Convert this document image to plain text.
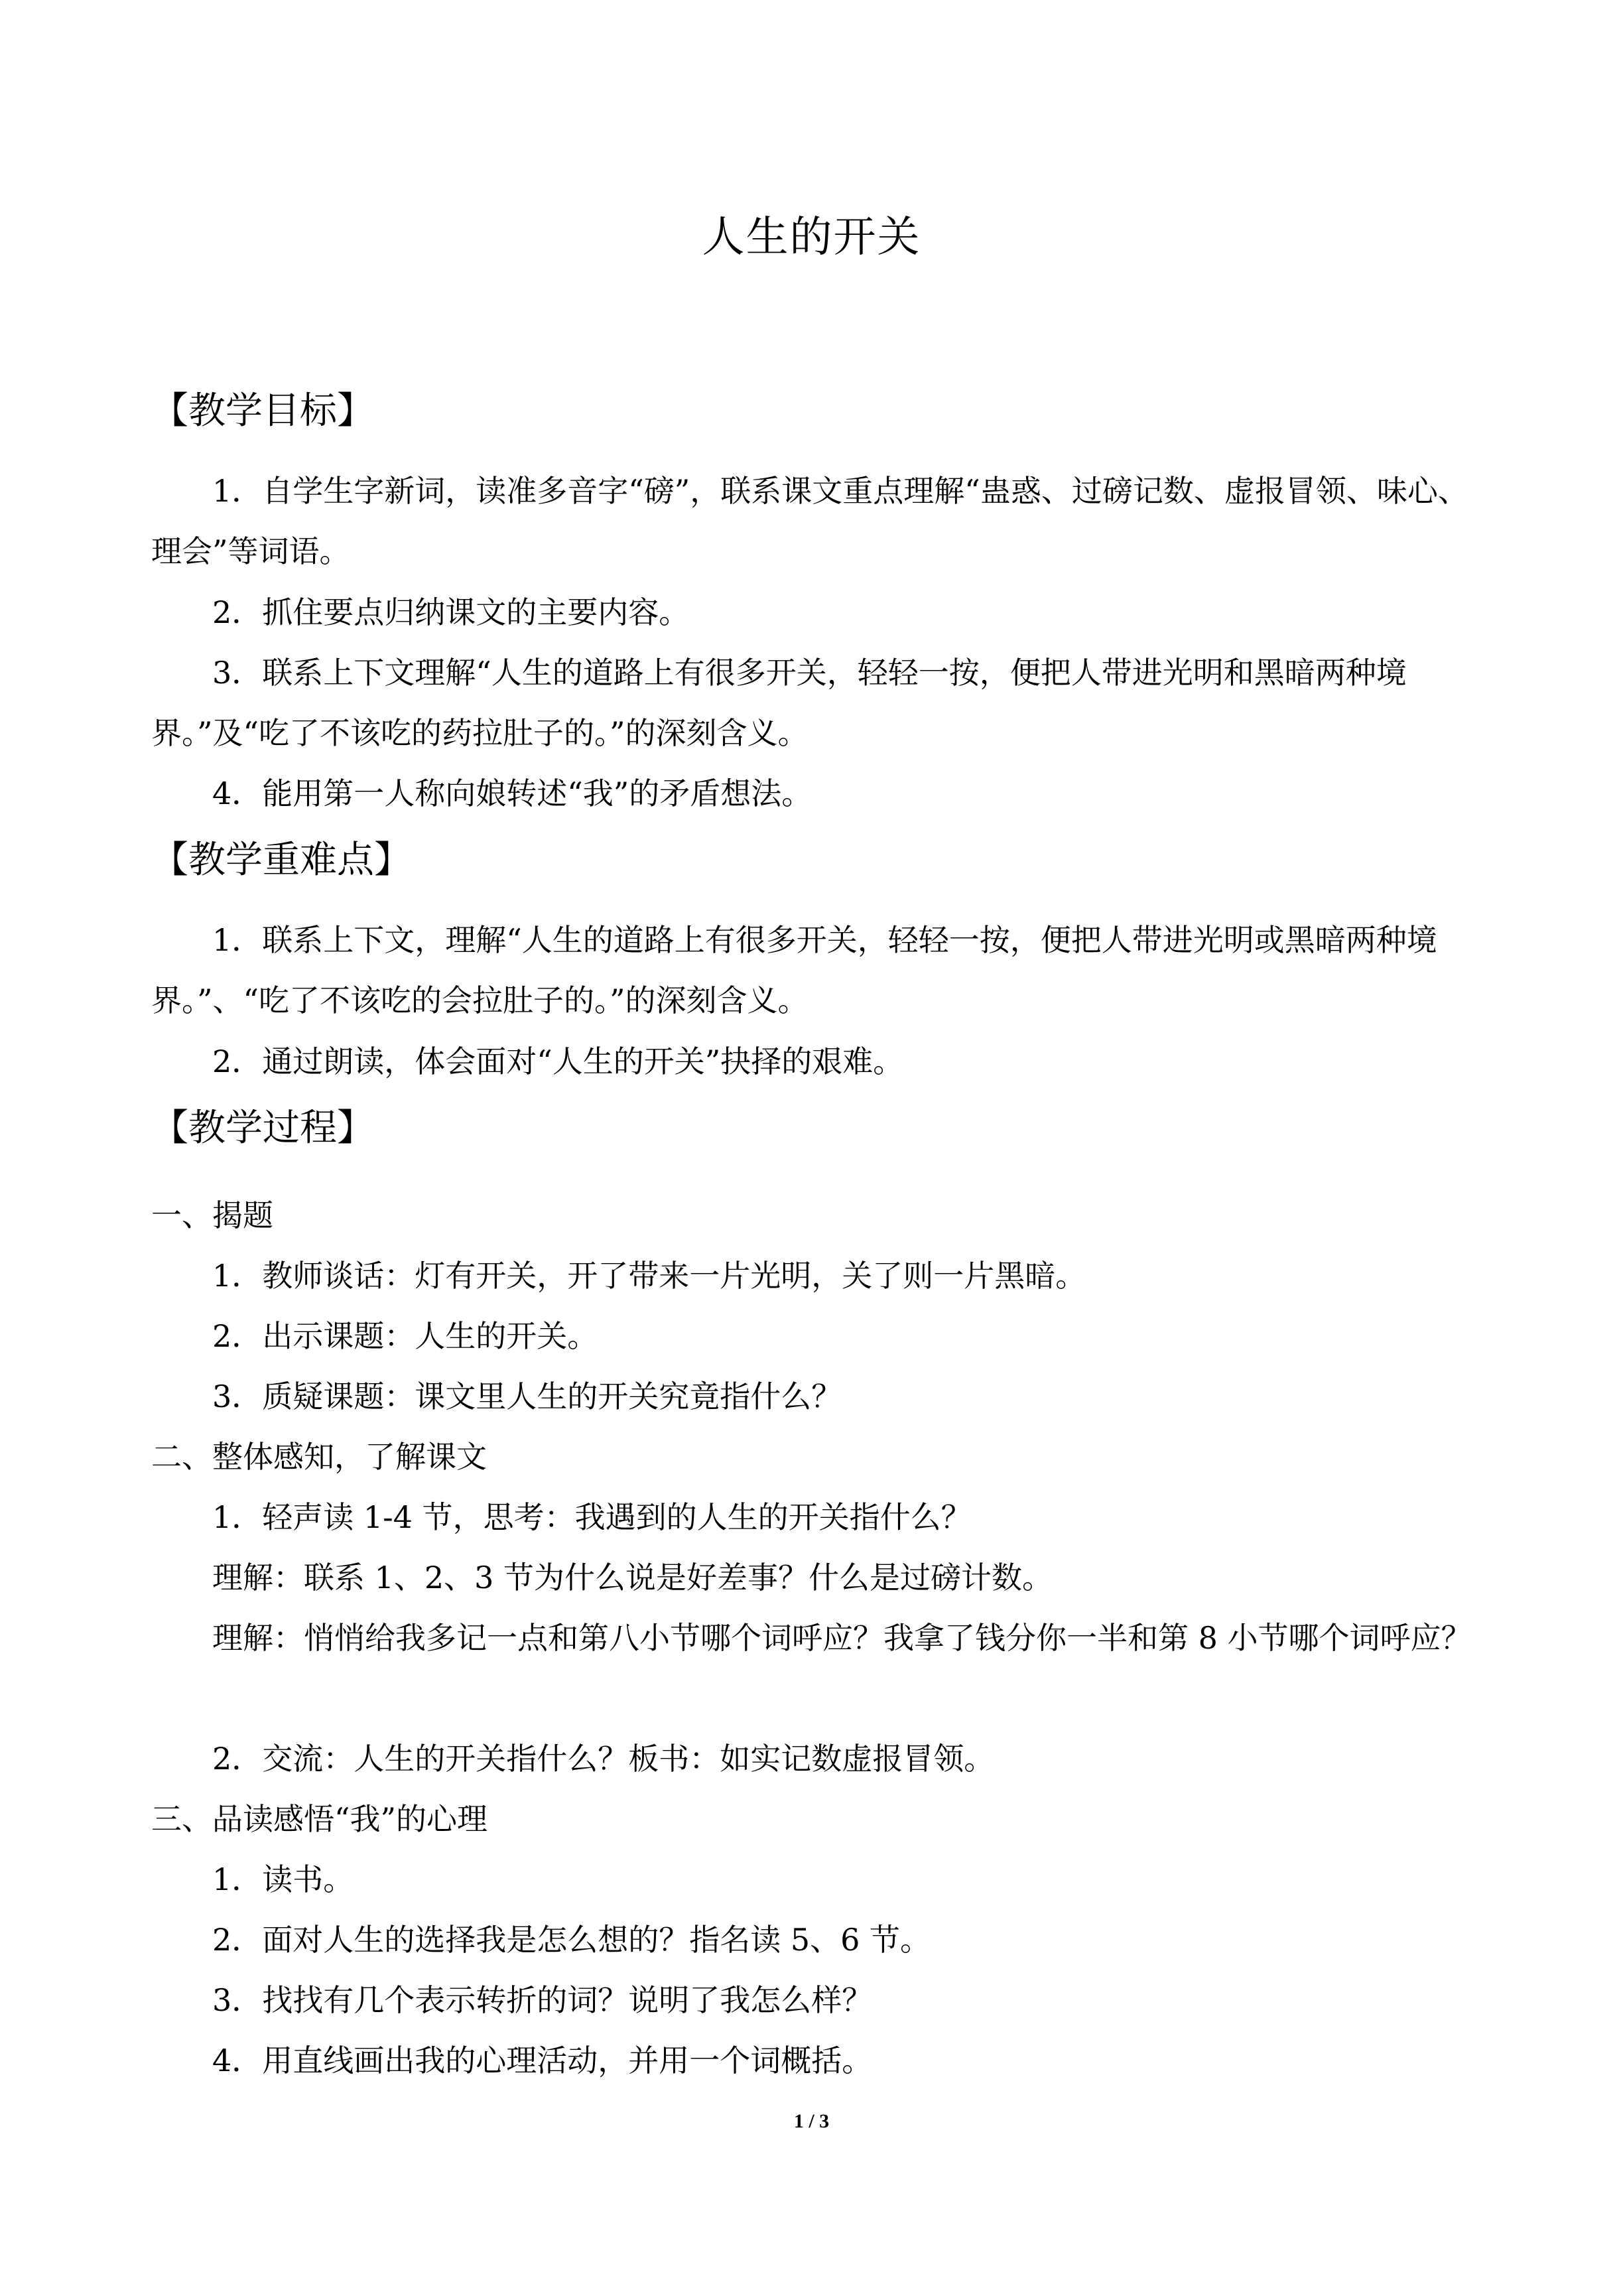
人生的开关
【教学目标】
1．自学生字新词，读准多音字“磅”，联系课文重点理解“蛊惑、过磅记数、虚报冒领、味心、理会”等词语。
2．抓住要点归纳课文的主要内容。
3．联系上下文理解“人生的道路上有很多开关，轻轻一按，便把人带进光明和黑暗两种境界。”及“吃了不该吃的药拉肚子的。”的深刻含义。
4．能用第一人称向娘转述“我”的矛盾想法。
【教学重难点】
1．联系上下文，理解“人生的道路上有很多开关，轻轻一按，便把人带进光明或黑暗两种境界。”、“吃了不该吃的会拉肚子的。”的深刻含义。
2．通过朗读，体会面对“人生的开关”抉择的艰难。
【教学过程】
一、揭题
1．教师谈话：灯有开关，开了带来一片光明，关了则一片黑暗。
2．出示课题：人生的开关。
3．质疑课题：课文里人生的开关究竟指什么？
二、整体感知，了解课文
1．轻声读 1-4 节，思考：我遇到的人生的开关指什么？
理解：联系 1、2、3 节为什么说是好差事？什么是过磅计数。
理解：悄悄给我多记一点和第八小节哪个词呼应？我拿了钱分你一半和第 8 小节哪个词呼应？
2．交流：人生的开关指什么？板书：如实记数虚报冒领。
三、品读感悟“我”的心理
1．读书。
2．面对人生的选择我是怎么想的？指名读 5、6 节。
3．找找有几个表示转折的词？说明了我怎么样？
4．用直线画出我的心理活动，并用一个词概括。
1 / 3
